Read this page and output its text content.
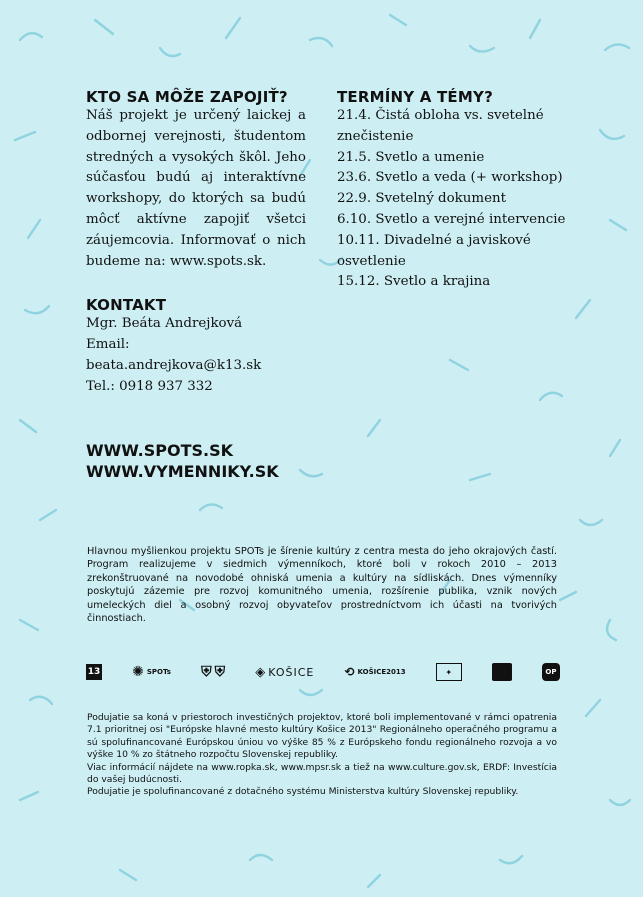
KTO SA MÔŽE ZAPOJIŤ?
Náš projekt je určený laickej a odbornej verejnosti, študentom stredných a vysokých škôl. Jeho súčasťou budú aj interaktívne workshopy, do ktorých sa budú môcť aktívne zapojiť všetci záujemcovia. Informovať o nich budeme na: www.spots.sk.
KONTAKT
Mgr. Beáta Andrejková
Email:
beata.andrejkova@k13.sk
Tel.: 0918 937 332
WWW.SPOTS.SK
WWW.VYMENNIKY.SK
TERMÍNY A TÉMY?
21.4. Čistá obloha vs. svetelné znečistenie
21.5. Svetlo a umenie
23.6. Svetlo a veda (+ workshop)
22.9. Svetelný dokument
6.10. Svetlo a verejné intervencie
10.11. Divadelné a javiskové osvetlenie
15.12. Svetlo a krajina
Hlavnou myšlienkou projektu SPOTs je šírenie kultúry z centra mesta do jeho okrajových častí. Program realizujeme v siedmich výmenníkoch, ktoré boli v rokoch 2010 – 2013 zrekonštruované na novodobé ohniská umenia a kultúry na sídliskách. Dnes výmenníky poskytujú zázemie pre rozvoj komunitného umenia, rozšírenie publika, vznik nových umeleckých diel a osobný rozvoj obyvateľov prostredníctvom ich účasti na tvorivých činnostiach.
13 ✺ SPOTs ⛨ ⛨ ◈ KOŠICE	⟲ KOŠICE2013	✦	OP

Podujatie sa koná v priestoroch investičných projektov, ktoré boli implementované v rámci opatrenia 7.1 prioritnej osi "Európske hlavné mesto kultúry Košice 2013" Regionálneho operačného programu a sú spolufinancované Európskou úniou vo výške 85 % z Európskeho fondu regionálneho rozvoja a vo výške 10 % zo štátneho rozpočtu Slovenskej republiky.

Viac informácií nájdete na www.ropka.sk, www.mpsr.sk a tiež na www.culture.gov.sk, ERDF: Investícia do vašej budúcnosti.

Podujatie je spolufinancované z dotačného systému Ministerstva kultúry Slovenskej republiky.
